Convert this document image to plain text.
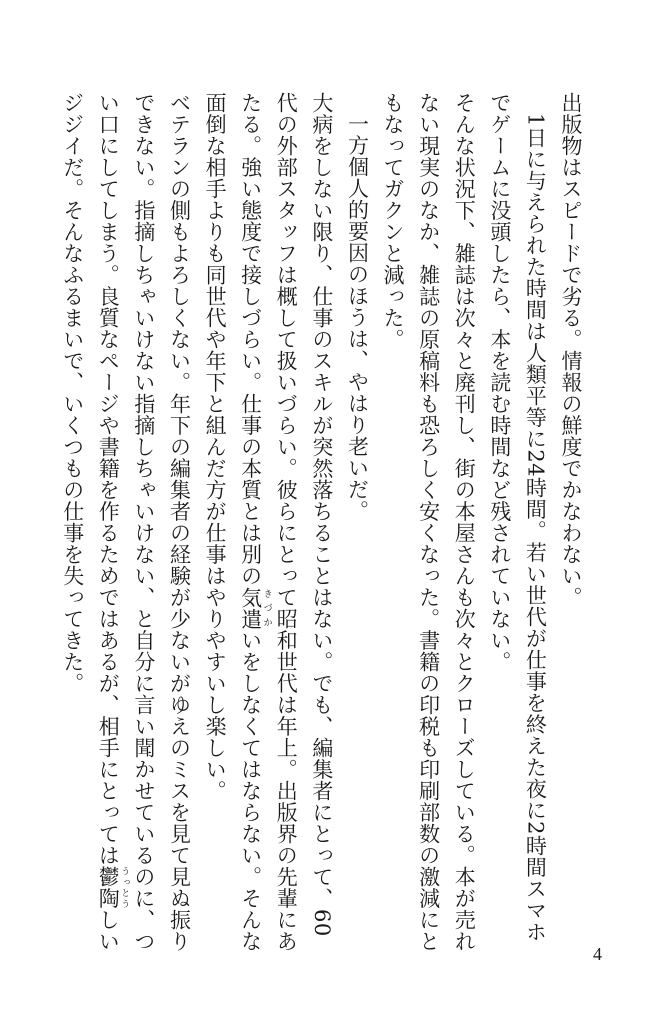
出版物はスピードで劣る。情報の鮮度でかなわない。
1日に与えられた時間は人類平等に24時間。若い世代が仕事を終えた夜に2時間スマホでゲームに没頭したら、本を読む時間など残されていない。
そんな状況下、雑誌は次々と廃刊し、街の本屋さんも次々とクローズしている。本が売れない現実のなか、雑誌の原稿料も恐ろしく安くなった。書籍の印税も印刷部数の激減にともなってガクンと減った。
一方個人的要因のほうは、やはり老いだ。
大病をしない限り、仕事のスキルが突然落ちることはない。でも、編集者にとって、60代の外部スタッフは概して扱いづらい。彼らにとって昭和世代は年上。出版界の先輩にあたる。強い態度で接しづらい。仕事の本質とは別の気遣 きづかいをしなくてはならない。そんな面倒な相手よりも同世代や年下と組んだ方が仕事はやりやすいし楽しい。
ベテランの側もよろしくない。年下の編集者の経験が少ないがゆえのミスを見て見ぬ振りできない。指摘しちゃいけない指摘しちゃいけない、と自分に言い聞かせているのに、つい口にしてしまう。良質なページや書籍を作るためではあるが、相手にとっては鬱陶 うっとうしいジジイだ。そんなふるまいで、いくつもの仕事を失ってきた。
4
